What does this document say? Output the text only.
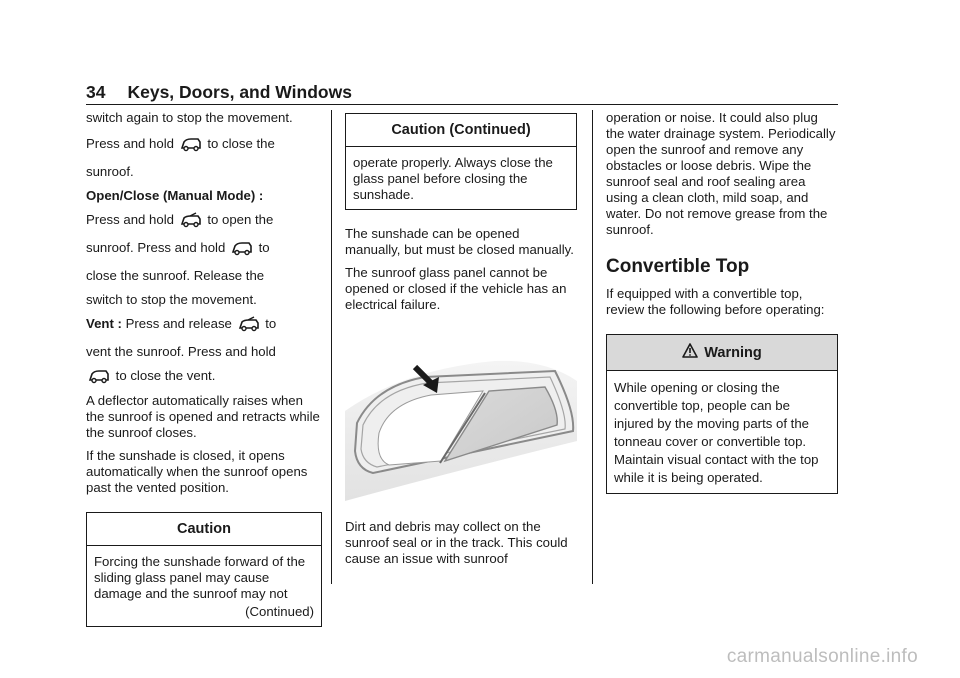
34 Keys, Doors, and Windows

switch again to stop the movement.

Press and hold	to close the

sunroof.

Open/Close (Manual Mode) :

Press and hold	to open the

sunroof. Press and hold	to

close the sunroof. Release the

switch to stop the movement.

Vent : Press and release	to

vent the sunroof. Press and hold

to close the vent.

A deflector automatically raises when the sunroof is opened and retracts while the sunroof closes.

If the sunshade is closed, it opens automatically when the sunroof opens past the vented position.

Caution

Forcing the sunshade forward of the sliding glass panel may cause damage and the sunroof may not

(Continued)

Caution (Continued)

operate properly. Always close the glass panel before closing the sunshade.

The sunshade can be opened manually, but must be closed manually.

The sunroof glass panel cannot be opened or closed if the vehicle has an electrical failure.

Dirt and debris may collect on the sunroof seal or in the track. This could cause an issue with sunroof

operation or noise. It could also plug the water drainage system. Periodically open the sunroof and remove any obstacles or loose debris. Wipe the sunroof seal and roof sealing area using a clean cloth, mild soap, and water. Do not remove grease from the sunroof.

Convertible Top

If equipped with a convertible top, review the following before operating:

Warning

While opening or closing the convertible top, people can be injured by the moving parts of the tonneau cover or convertible top. Maintain visual contact with the top while it is being operated.

carmanualsonline.info
